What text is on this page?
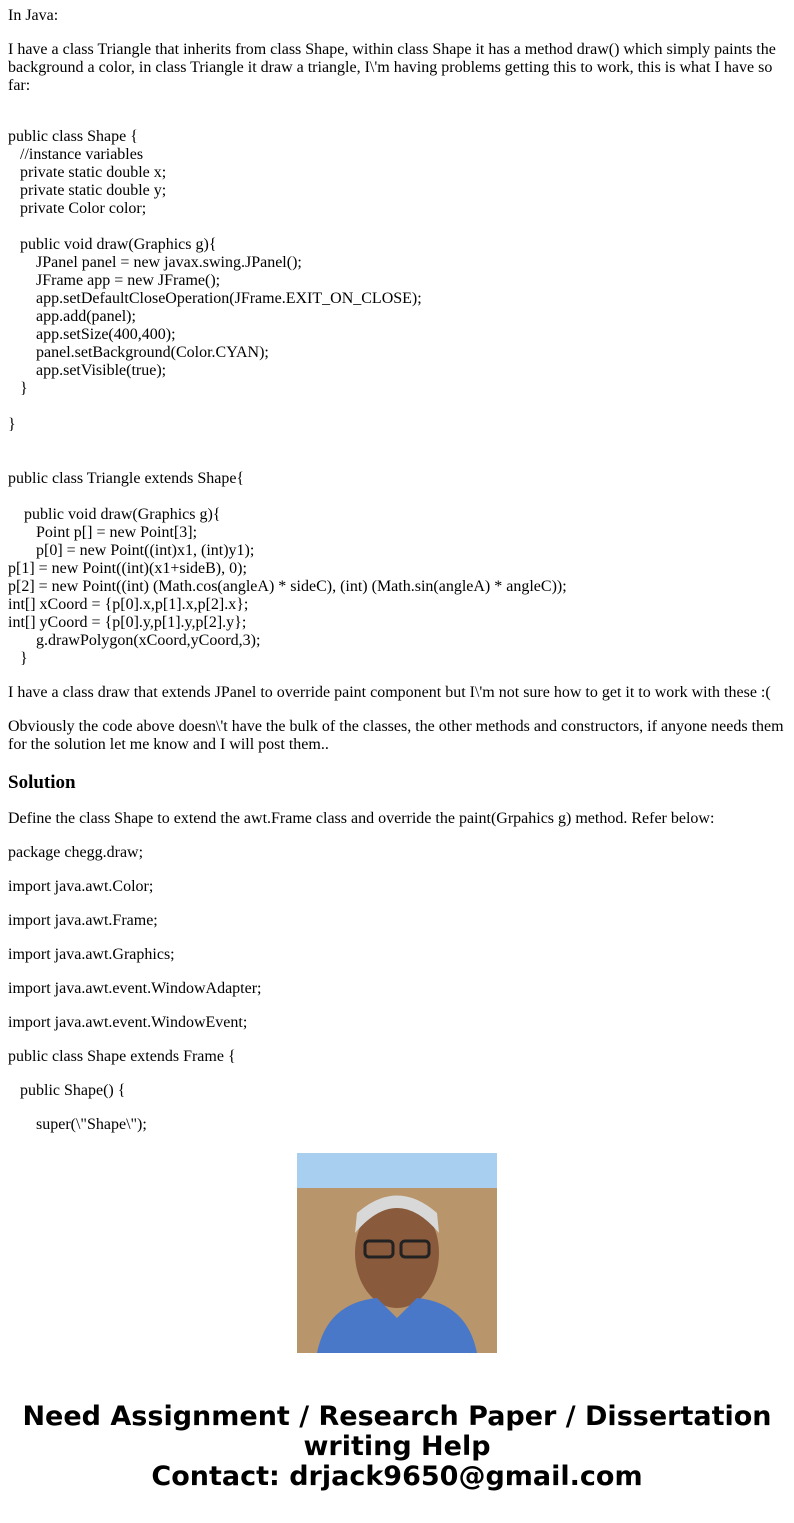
In Java:

I have a class Triangle that inherits from class Shape, within class Shape it has a method draw() which simply paints the background a color, in class Triangle it draw a triangle, I\'m having problems getting this to work, this is what I have so far:

public class Shape {
//instance variables
private static double x;
private static double y;
private Color color;
public void draw(Graphics g){
JPanel panel = new javax.swing.JPanel();
JFrame app = new JFrame();
app.setDefaultCloseOperation(JFrame.EXIT_ON_CLOSE);
app.add(panel);
app.setSize(400,400);
panel.setBackground(Color.CYAN);
app.setVisible(true);
}
}
public class Triangle extends Shape{
public void draw(Graphics g){
Point p[] = new Point[3];
p[0] = new Point((int)x1, (int)y1);
p[1] = new Point((int)(x1+sideB), 0);
p[2] = new Point((int) (Math.cos(angleA) * sideC), (int) (Math.sin(angleA) * angleC));
int[] xCoord = {p[0].x,p[1].x,p[2].x};
int[] yCoord = {p[0].y,p[1].y,p[2].y};
g.drawPolygon(xCoord,yCoord,3);
}

I have a class draw that extends JPanel to override paint component but I\'m not sure how to get it to work with these :(

Obviously the code above doesn\'t have the bulk of the classes, the other methods and constructors, if anyone needs them for the solution let me know and I will post them..

Solution

Define the class Shape to extend the awt.Frame class and override the paint(Grpahics g) method. Refer below:

package chegg.draw;

import java.awt.Color;

import java.awt.Frame;

import java.awt.Graphics;

import java.awt.event.WindowAdapter;

import java.awt.event.WindowEvent;

public class Shape extends Frame {

public Shape() {

super(\"Shape\");

Need Assignment / Research Paper / Dissertation
writing Help
Contact: drjack9650@gmail.com
